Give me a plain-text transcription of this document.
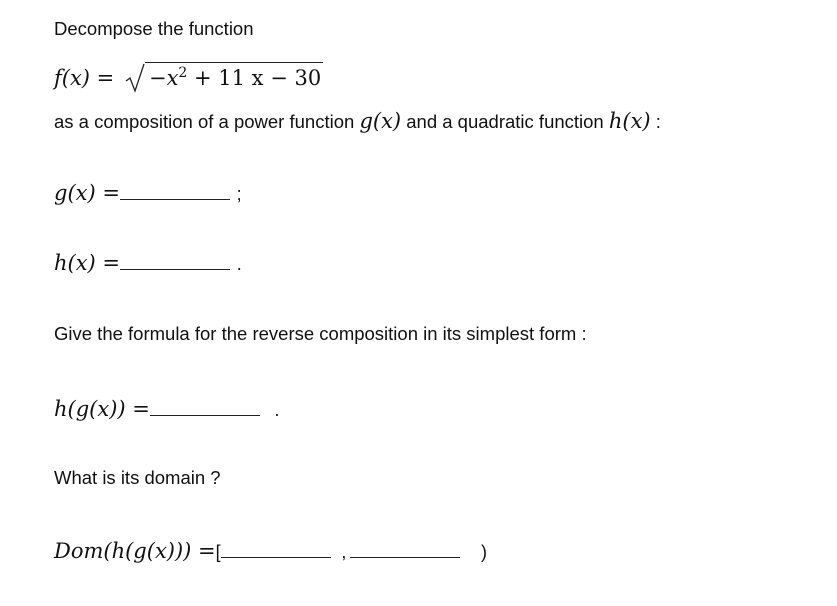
Decompose the function
$f(x) = -x^2 + 11$ x − 30
as a composition of a power function g(x) and a quadratic function h(x) :
g(x) =	;
h(x) =	.
Give the formula for the reverse composition in its simplest form :
h(g(x)) =	.
What is its domain ?
Dom(h(g(x))) =[	,	)
